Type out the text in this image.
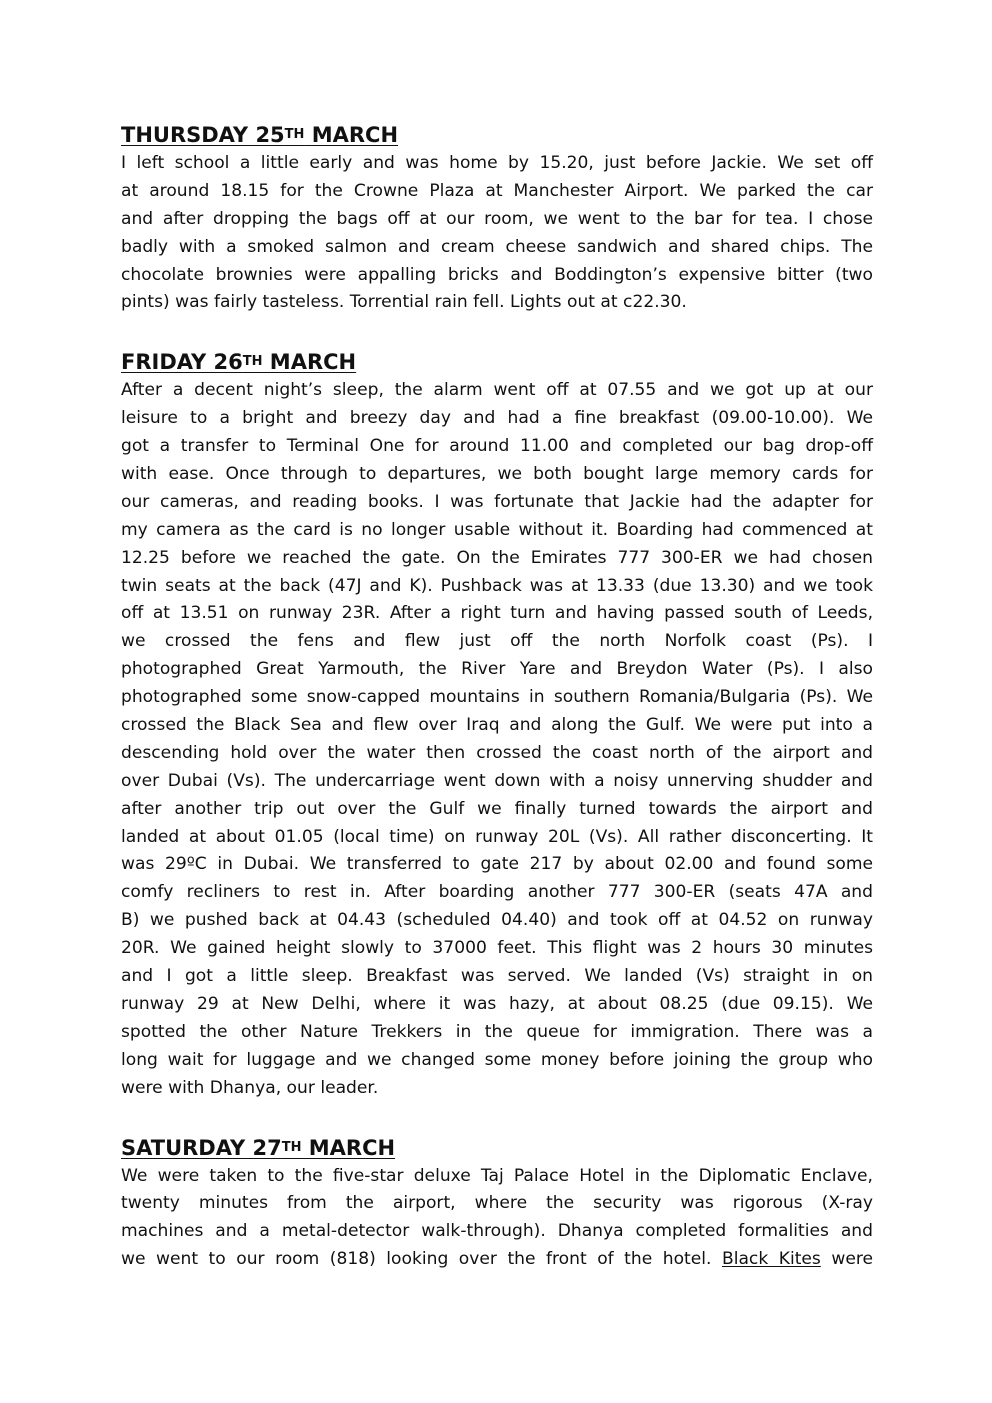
THURSDAY 25TH MARCH
I left school a little early and was home by 15.20, just before Jackie. We set off
at around 18.15 for the Crowne Plaza at Manchester Airport. We parked the car
and after dropping the bags off at our room, we went to the bar for tea. I chose
badly with a smoked salmon and cream cheese sandwich and shared chips. The
chocolate brownies were appalling bricks and Boddington’s expensive bitter (two
pints) was fairly tasteless. Torrential rain fell. Lights out at c22.30.
FRIDAY 26TH MARCH
After a decent night’s sleep, the alarm went off at 07.55 and we got up at our
leisure to a bright and breezy day and had a fine breakfast (09.00-10.00). We
got a transfer to Terminal One for around 11.00 and completed our bag drop-off
with ease. Once through to departures, we both bought large memory cards for
our cameras, and reading books. I was fortunate that Jackie had the adapter for
my camera as the card is no longer usable without it. Boarding had commenced at
12.25 before we reached the gate. On the Emirates 777 300-ER we had chosen
twin seats at the back (47J and K). Pushback was at 13.33 (due 13.30) and we took
off at 13.51 on runway 23R. After a right turn and having passed south of Leeds,
we crossed the fens and flew just off the north Norfolk coast (Ps). I
photographed Great Yarmouth, the River Yare and Breydon Water (Ps). I also
photographed some snow-capped mountains in southern Romania/Bulgaria (Ps). We
crossed the Black Sea and flew over Iraq and along the Gulf. We were put into a
descending hold over the water then crossed the coast north of the airport and
over Dubai (Vs). The undercarriage went down with a noisy unnerving shudder and
after another trip out over the Gulf we finally turned towards the airport and
landed at about 01.05 (local time) on runway 20L (Vs). All rather disconcerting. It
was 29ºC in Dubai. We transferred to gate 217 by about 02.00 and found some
comfy recliners to rest in. After boarding another 777 300-ER (seats 47A and
B) we pushed back at 04.43 (scheduled 04.40) and took off at 04.52 on runway
20R. We gained height slowly to 37000 feet. This flight was 2 hours 30 minutes
and I got a little sleep. Breakfast was served. We landed (Vs) straight in on
runway 29 at New Delhi, where it was hazy, at about 08.25 (due 09.15). We
spotted the other Nature Trekkers in the queue for immigration. There was a
long wait for luggage and we changed some money before joining the group who
were with Dhanya, our leader.
SATURDAY 27TH MARCH
We were taken to the five-star deluxe Taj Palace Hotel in the Diplomatic Enclave,
twenty minutes from the airport, where the security was rigorous (X-ray
machines and a metal-detector walk-through). Dhanya completed formalities and
we went to our room (818) looking over the front of the hotel. Black Kites were
